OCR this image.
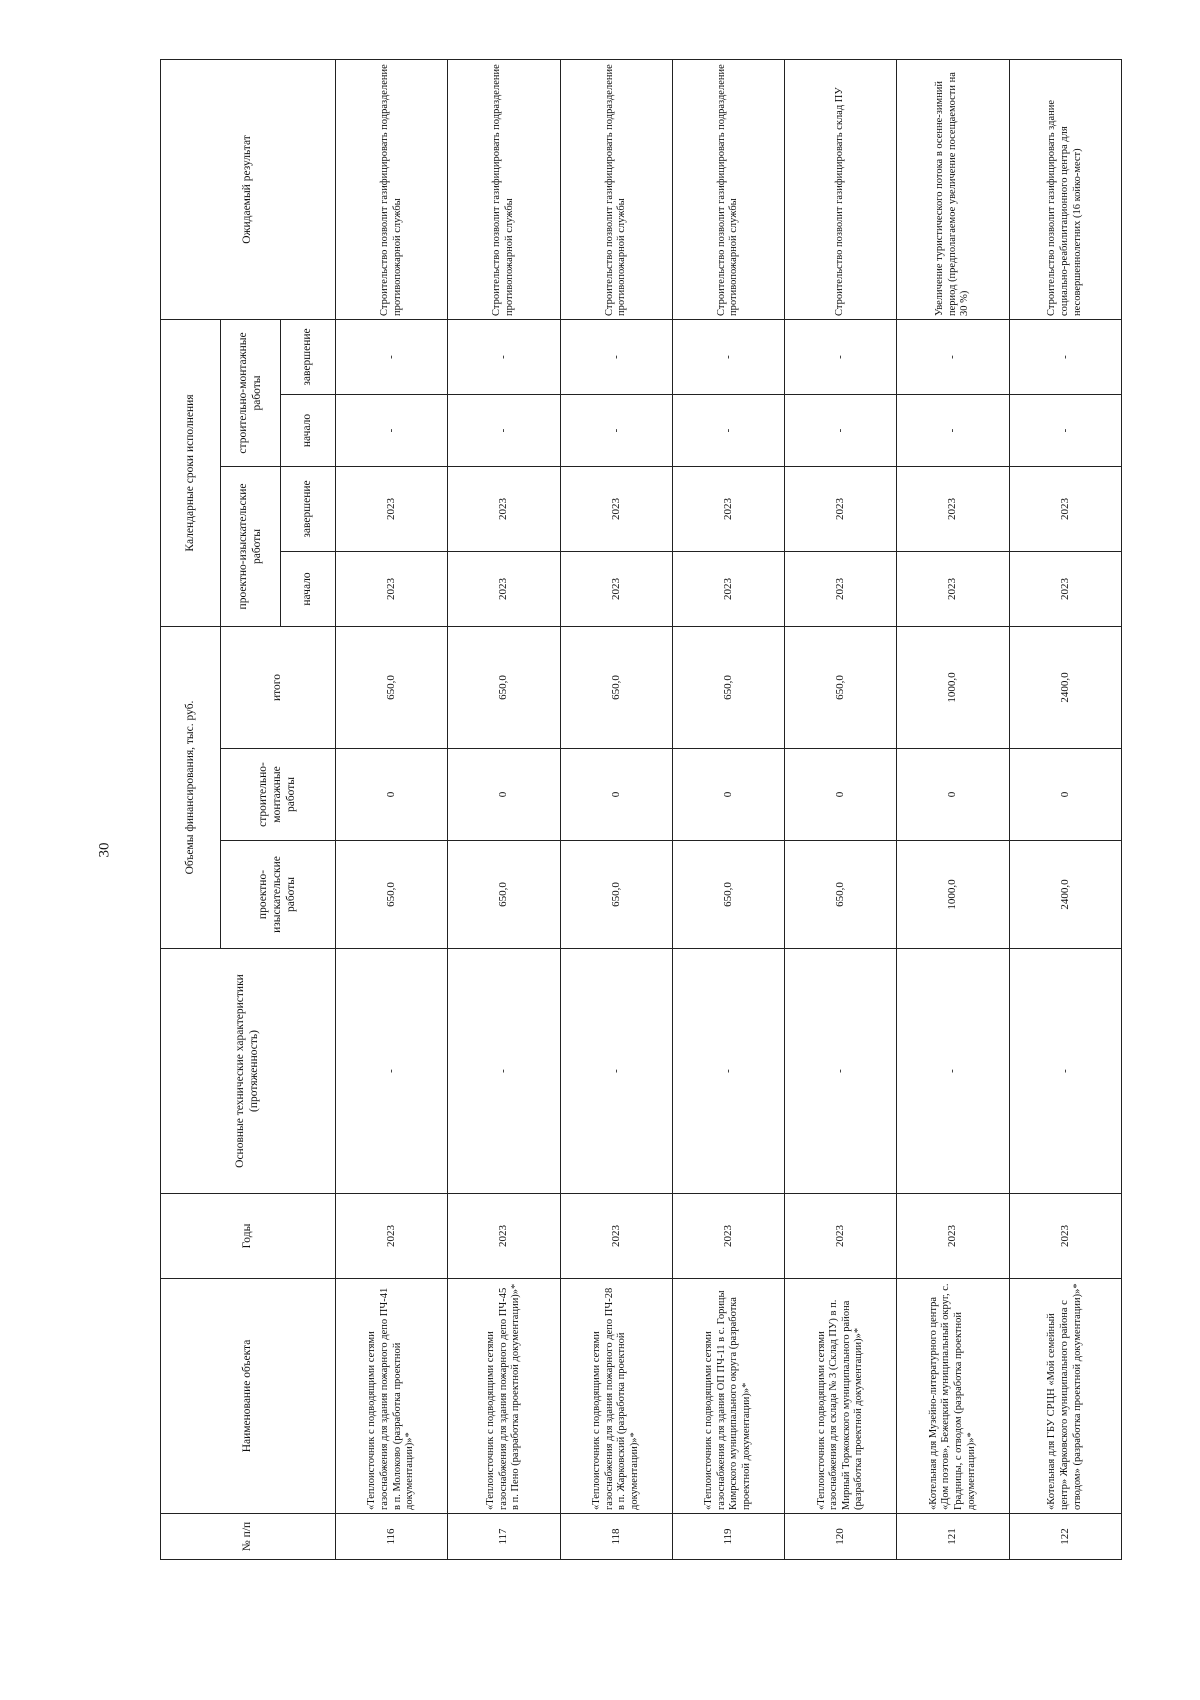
30
№ п/п	Наименование объекта	Годы	Основные технические характеристики (протяженность)	Объемы финансирования, тыс. руб.			Календарные сроки исполнения				Ожидаемый результат
				проектно-изыскательские работы	строительно-монтажные работы	итого	проектно-изыскательские работы		строительно-монтажные работы		
							начало	завершение	начало	завершение	
116	«Теплоисточник с подводящими сетями газоснабжения для здания пожарного депо ПЧ-41 в п. Молоково (разработка проектной документации)»*	2023	-	650,0	0	650,0	2023	2023	-	-	Строительство позволит газифицировать подразделение противопожарной службы
117	«Теплоисточник с подводящими сетями газоснабжения для здания пожарного депо ПЧ-45 в п. Пено (разработка проектной документации)»*	2023	-	650,0	0	650,0	2023	2023	-	-	Строительство позволит газифицировать подразделение противопожарной службы
118	«Теплоисточник с подводящими сетями газоснабжения для здания пожарного депо ПЧ-28 в п. Жарковский (разработка проектной документации)»*	2023	-	650,0	0	650,0	2023	2023	-	-	Строительство позволит газифицировать подразделение противопожарной службы
119	«Теплоисточник с подводящими сетями газоснабжения для здания ОП ПЧ-11 в с. Горицы Кимрского муниципального округа (разработка проектной документации)»*	2023	-	650,0	0	650,0	2023	2023	-	-	Строительство позволит газифицировать подразделение противопожарной службы
120	«Теплоисточник с подводящими сетями газоснабжения для склада № 3 (Склад ПУ) в п. Мирный Торжокского муниципального района (разработка проектной документации)»*	2023	-	650,0	0	650,0	2023	2023	-	-	Строительство позволит газифицировать склад ПУ
121	«Котельная для Музейно-литературного центра «Дом поэтов», Бежецкий муниципальный округ, с. Градницы, с отводом (разработка проектной документации)»*	2023	-	1000,0	0	1000,0	2023	2023	-	-	Увеличение туристического потока в осенне-зимний период (предполагаемое увеличение посещаемости на 30 %)
122	«Котельная для ГБУ СРЦН «Мой семейный центр» Жарковского муниципального района с отводом» (разработка проектной документации)»*	2023	-	2400,0	0	2400,0	2023	2023	-	-	Строительство позволит газифицировать здание социально-реабилитационного центра для несовершеннолетних (16 койко-мест)
